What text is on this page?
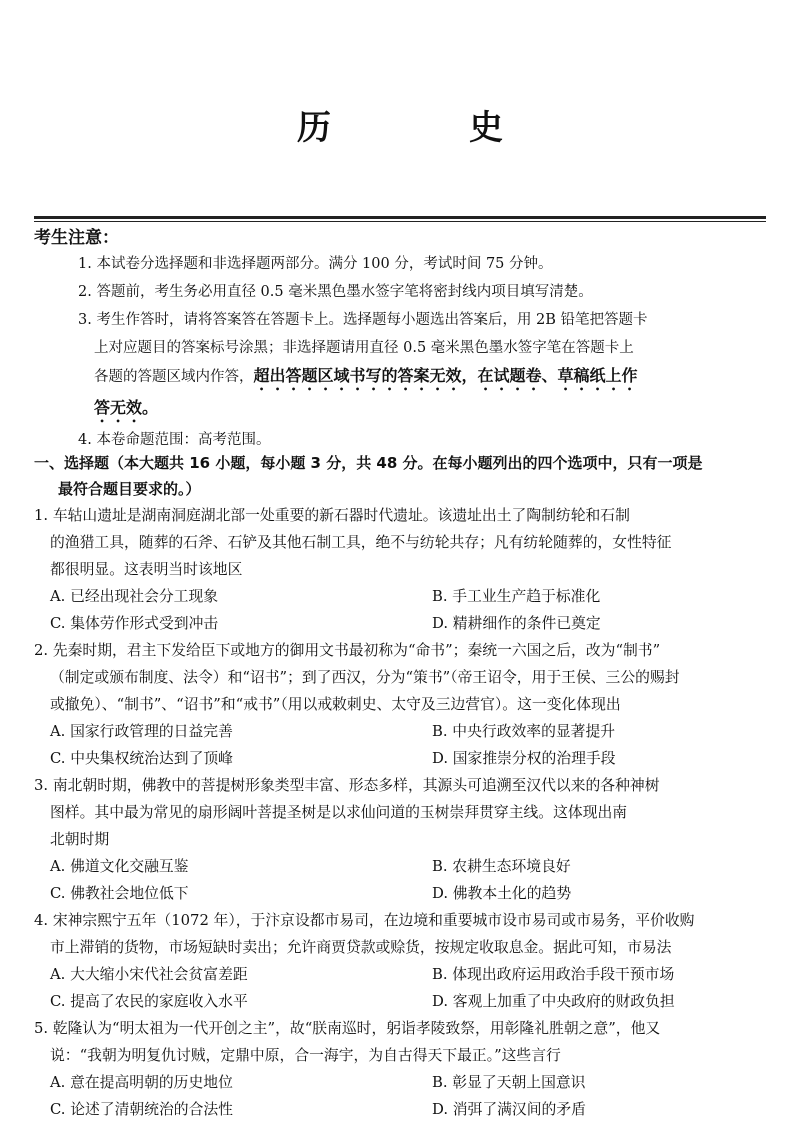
历　史
考生注意：
1. 本试卷分选择题和非选择题两部分。满分 100 分，考试时间 75 分钟。
2. 答题前，考生务必用直径 0.5 毫米黑色墨水签字笔将密封线内项目填写清楚。
3. 考生作答时，请将答案答在答题卡上。选择题每小题选出答案后，用 2B 铅笔把答题卡
上对应题目的答案标号涂黑；非选择题请用直径 0.5 毫米黑色墨水签字笔在答题卡上
各题的答题区域内作答，超出答题区域书写的答案无效，在试题卷、草稿纸上作
答无效。
4. 本卷命题范围：高考范围。
一、选择题（本大题共 16 小题，每小题 3 分，共 48 分。在每小题列出的四个选项中，只有一项是
最符合题目要求的。）
1. 车轱山遗址是湖南洞庭湖北部一处重要的新石器时代遗址。该遗址出土了陶制纺轮和石制
的渔猎工具，随葬的石斧、石铲及其他石制工具，绝不与纺轮共存；凡有纺轮随葬的，女性特征
都很明显。这表明当时该地区
A. 已经出现社会分工现象	B. 手工业生产趋于标准化
C. 集体劳作形式受到冲击	D. 精耕细作的条件已奠定
2. 先秦时期，君主下发给臣下或地方的御用文书最初称为“命书”；秦统一六国之后，改为“制书”
（制定或颁布制度、法令）和“诏书”；到了西汉，分为“策书”（帝王诏令，用于王侯、三公的赐封
或撤免）、“制书”、“诏书”和“戒书”（用以戒敕刺史、太守及三边营官）。这一变化体现出
A. 国家行政管理的日益完善	B. 中央行政效率的显著提升
C. 中央集权统治达到了顶峰	D. 国家推崇分权的治理手段
3. 南北朝时期，佛教中的菩提树形象类型丰富、形态多样，其源头可追溯至汉代以来的各种神树
图样。其中最为常见的扇形阔叶菩提圣树是以求仙问道的玉树崇拜贯穿主线。这体现出南
北朝时期
A. 佛道文化交融互鉴	B. 农耕生态环境良好
C. 佛教社会地位低下	D. 佛教本土化的趋势
4. 宋神宗熙宁五年（1072 年），于汴京设都市易司，在边境和重要城市设市易司或市易务，平价收购
市上滞销的货物，市场短缺时卖出；允许商贾贷款或赊货，按规定收取息金。据此可知，市易法
A. 大大缩小宋代社会贫富差距	B. 体现出政府运用政治手段干预市场
C. 提高了农民的家庭收入水平	D. 客观上加重了中央政府的财政负担
5. 乾隆认为“明太祖为一代开创之主”，故“朕南巡时，躬诣孝陵致祭，用彰隆礼胜朝之意”，他又
说：“我朝为明复仇讨贼，定鼎中原，合一海宇，为自古得天下最正。”这些言行
A. 意在提高明朝的历史地位	B. 彰显了天朝上国意识
C. 论述了清朝统治的合法性	D. 消弭了满汉间的矛盾
